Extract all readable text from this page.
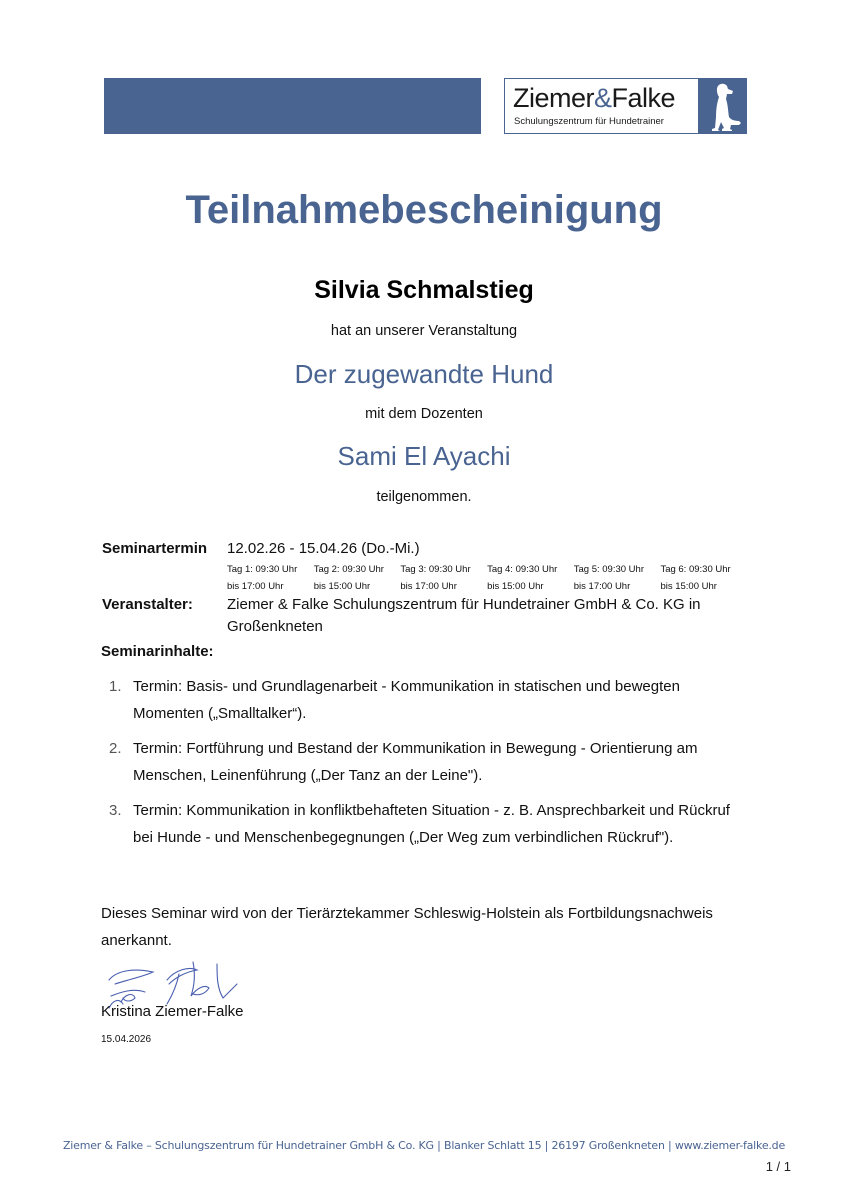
Ziemer&Falke
Schulungszentrum für Hundetrainer
Teilnahmebescheinigung
Silvia Schmalstieg
hat an unserer Veranstaltung
Der zugewandte Hund
mit dem Dozenten
Sami El Ayachi
teilgenommen.
Seminartermin 12.02.26 - 15.04.26 (Do.-Mi.)
Tag 1: 09:30 Uhr
bis 17:00 Uhr
Tag 2: 09:30 Uhr
bis 15:00 Uhr
Tag 3: 09:30 Uhr
bis 17:00 Uhr
Tag 4: 09:30 Uhr
bis 15:00 Uhr
Tag 5: 09:30 Uhr
bis 17:00 Uhr
Tag 6: 09:30 Uhr
bis 15:00 Uhr
Veranstalter: Ziemer & Falke Schulungszentrum für Hundetrainer GmbH & Co. KG in Großenkneten
Seminarinhalte:
1. Termin: Basis- und Grundlagenarbeit - Kommunikation in statischen und bewegten Momenten („Smalltalker“).
2. Termin: Fortführung und Bestand der Kommunikation in Bewegung - Orientierung am Menschen, Leinenführung („Der Tanz an der Leine").
3. Termin: Kommunikation in konfliktbehafteten Situation - z. B. Ansprechbarkeit und Rückruf bei Hunde - und Menschenbegegnungen („Der Weg zum verbindlichen Rückruf").
Dieses Seminar wird von der Tierärztekammer Schleswig-Holstein als Fortbildungsnachweis anerkannt.
Kristina Ziemer-Falke
15.04.2026
Ziemer & Falke – Schulungszentrum für Hundetrainer GmbH & Co. KG | Blanker Schlatt 15 | 26197 Großenkneten | www.ziemer-falke.de
1 / 1
